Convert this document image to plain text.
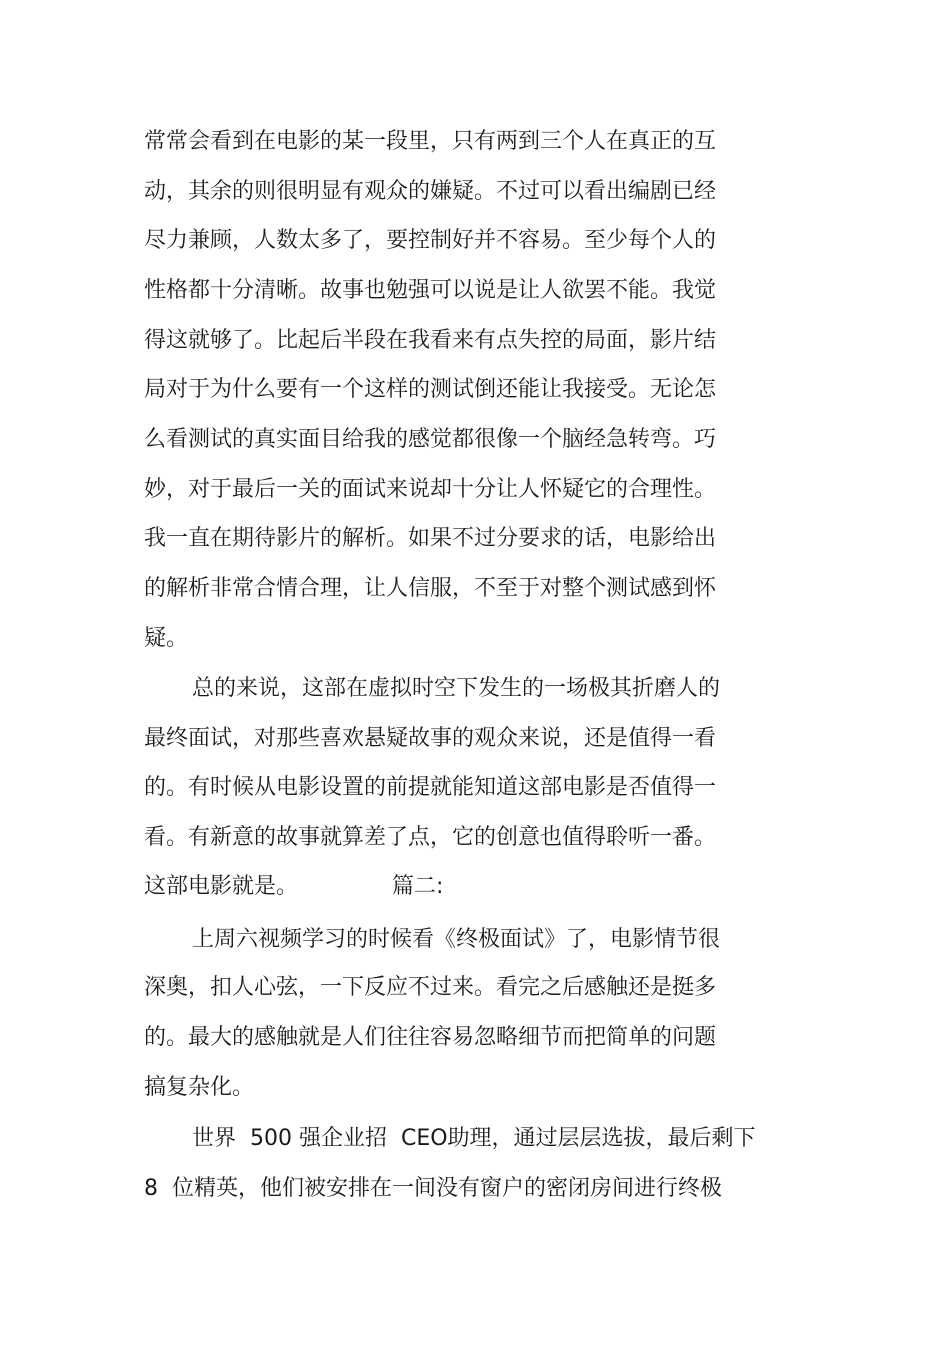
常常会看到在电影的某一段里，只有两到三个人在真正的互
动，其余的则很明显有观众的嫌疑。不过可以看出编剧已经
尽力兼顾，人数太多了，要控制好并不容易。至少每个人的
性格都十分清晰。故事也勉强可以说是让人欲罢不能。我觉
得这就够了。比起后半段在我看来有点失控的局面，影片结
局对于为什么要有一个这样的测试倒还能让我接受。无论怎
么看测试的真实面目给我的感觉都很像一个脑经急转弯。巧
妙，对于最后一关的面试来说却十分让人怀疑它的合理性。
我一直在期待影片的解析。如果不过分要求的话，电影给出
的解析非常合情合理，让人信服，不至于对整个测试感到怀
疑。
总的来说，这部在虚拟时空下发生的一场极其折磨人的
最终面试，对那些喜欢悬疑故事的观众来说，还是值得一看
的。有时候从电影设置的前提就能知道这部电影是否值得一
看。有新意的故事就算差了点，它的创意也值得聆听一番。
这部电影就是。	篇二:
上周六视频学习的时候看《终极面试》了，电影情节很
深奥，扣人心弦，一下反应不过来。看完之后感触还是挺多
的。最大的感触就是人们往往容易忽略细节而把简单的问题
搞复杂化。
世界  500 强企业招  CEO助理，通过层层选拔，最后剩下
8  位精英，他们被安排在一间没有窗户的密闭房间进行终极
